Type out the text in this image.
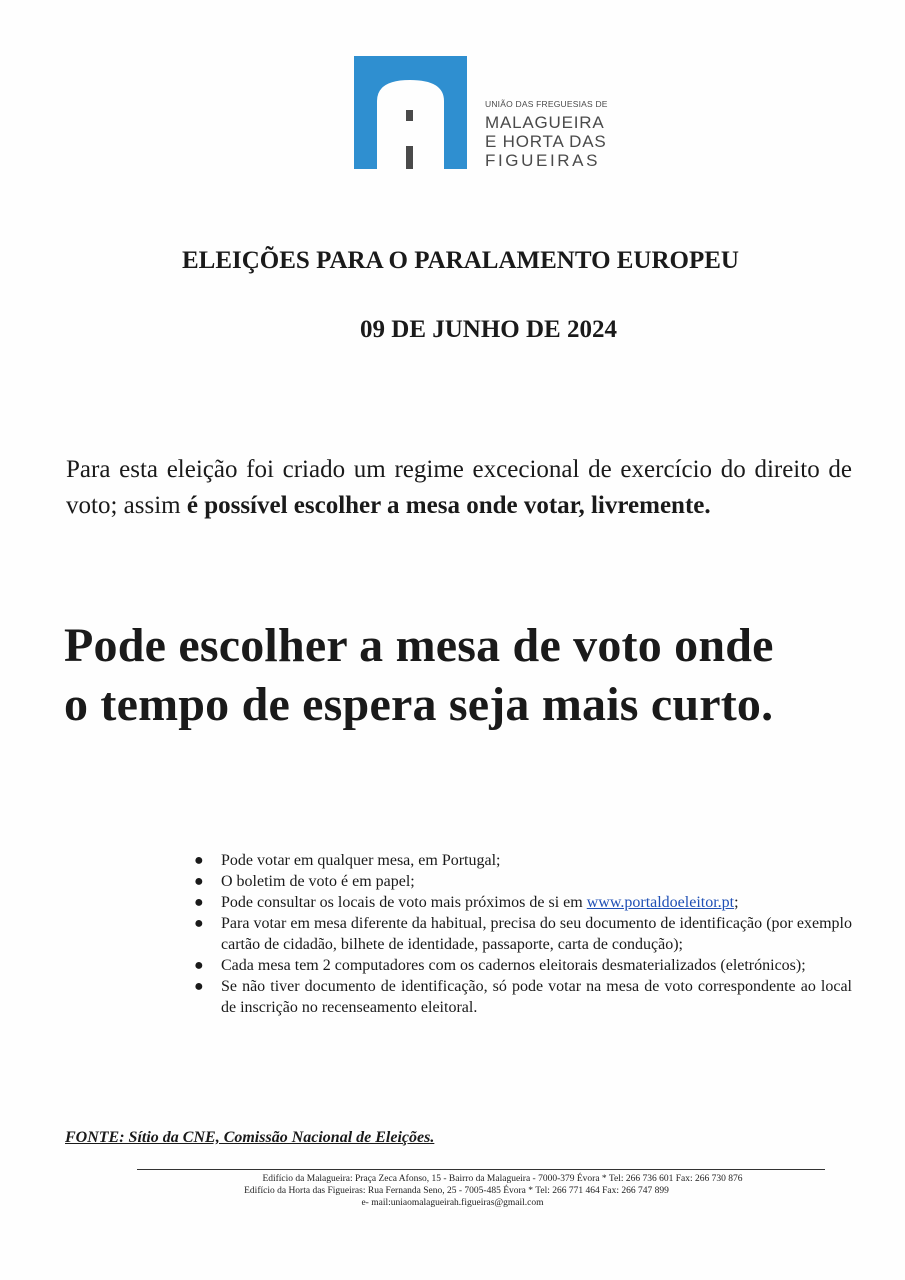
UNIÃO DAS FREGUESIAS DE
MALAGUEIRA
E HORTA DAS
FIGUEIRAS
ELEIÇÕES PARA O PARALAMENTO EUROPEU
09 DE JUNHO DE 2024

Para esta eleição foi criado um regime excecional de exercício do direito de voto; assim é possível escolher a mesa onde votar, livremente.

Pode escolher a mesa de voto onde
o tempo de espera seja mais curto.

● Pode votar em qualquer mesa, em Portugal;
● O boletim de voto é em papel;
● Pode consultar os locais de voto mais próximos de si em www.portaldoeleitor.pt;
● Para votar em mesa diferente da habitual, precisa do seu documento de identificação (por exemplo cartão de cidadão, bilhete de identidade, passaporte, carta de condução);
● Cada mesa tem 2 computadores com os cadernos eleitorais desmaterializados (eletrónicos);
● Se não tiver documento de identificação, só pode votar na mesa de voto correspondente ao local de inscrição no recenseamento eleitoral.

FONTE: Sítio da CNE, Comissão Nacional de Eleições.

Edifício da Malagueira: Praça Zeca Afonso, 15 - Bairro da Malagueira - 7000-379 Évora * Tel: 266 736 601 Fax: 266 730 876
Edifício da Horta das Figueiras: Rua Fernanda Seno, 25 - 7005-485 Évora * Tel: 266 771 464 Fax: 266 747 899
e- mail:uniaomalagueirah.figueiras@gmail.com
